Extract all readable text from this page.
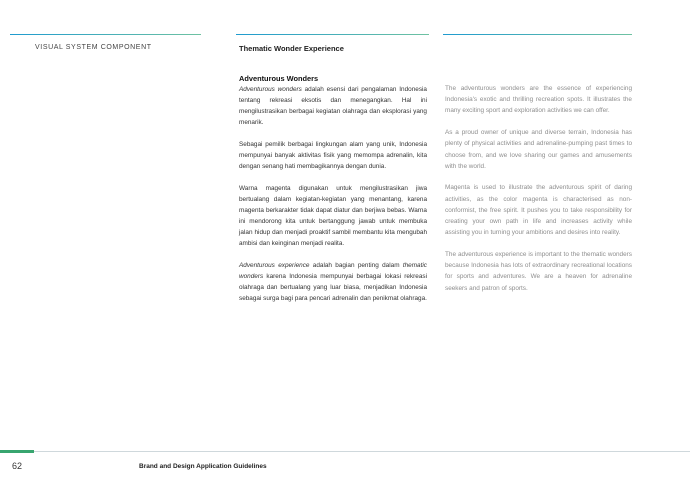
VISUAL SYSTEM COMPONENT	Thematic Wonder Experience
Adventurous Wonders

Adventurous wonders adalah esensi dari pengalaman Indonesia tentang rekreasi eksotis dan menegangkan. Hal ini mengilustrasikan berbagai kegiatan olahraga dan eksplorasi yang menarik.

Sebagai pemilik berbagai lingkungan alam yang unik, Indonesia mempunyai banyak aktivitas fisik yang memompa adrenalin, kita dengan senang hati membagikannya dengan dunia.

Warna magenta digunakan untuk mengilustrasikan jiwa bertualang dalam kegiatan-kegiatan yang menantang, karena magenta berkarakter tidak dapat diatur dan berjiwa bebas. Warna ini mendorong kita untuk bertanggung jawab untuk membuka jalan hidup dan menjadi proaktif sambil membantu kita mengubah ambisi dan keinginan menjadi realita.

Adventurous experience adalah bagian penting dalam thematic wonders karena Indonesia mempunyai berbagai lokasi rekreasi olahraga dan bertualang yang luar biasa, menjadikan Indonesia sebagai surga bagi para pencari adrenalin dan penikmat olahraga.

The adventurous wonders are the essence of experiencing Indonesia's exotic and thrilling recreation spots. It illustrates the many exciting sport and exploration activities we can offer.

As a proud owner of unique and diverse terrain, Indonesia has plenty of physical activities and adrenaline-pumping past times to choose from, and we love sharing our games and amusements with the world.

Magenta is used to illustrate the adventurous spirit of daring activities, as the color magenta is characterised as non-conformist, the free spirit. It pushes you to take responsibility for creating your own path in life and increases activity while assisting you in turning your ambitions and desires into reality.

The adventurous experience is important to the thematic wonders because Indonesia has lots of extraordinary recreational locations for sports and adventures. We are a heaven for adrenaline seekers and patron of sports.

62	Brand and Design Application Guidelines
